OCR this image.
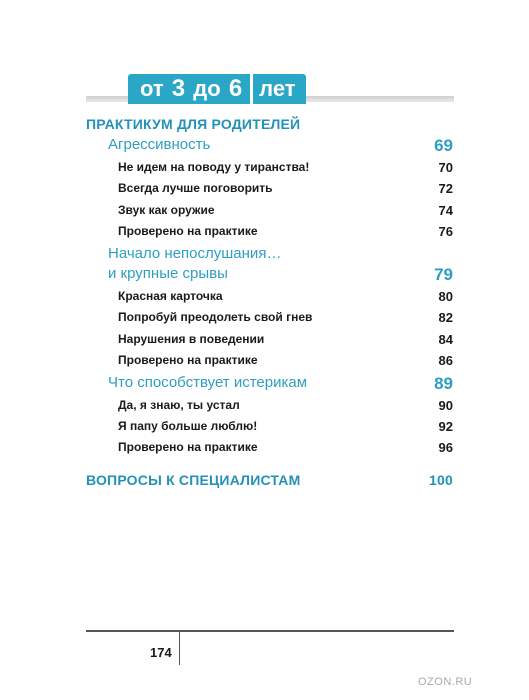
от
3
до
6 лет
ПРАКТИКУМ ДЛЯ РОДИТЕЛЕЙ
Агрессивность	69
Не идем на поводу у тиранства!	70
Всегда лучше поговорить	72
Звук как оружие	74
Проверено на практике	76
Начало непослушания…
и крупные срывы	79
Красная карточка	80
Попробуй преодолеть свой гнев	82
Нарушения в поведении	84
Проверено на практике	86
Что способствует истерикам	89
Да, я знаю, ты устал	90
Я папу больше люблю!	92
Проверено на практике	96
ВОПРОСЫ К СПЕЦИАЛИСТАМ	100
174
OZON.RU
